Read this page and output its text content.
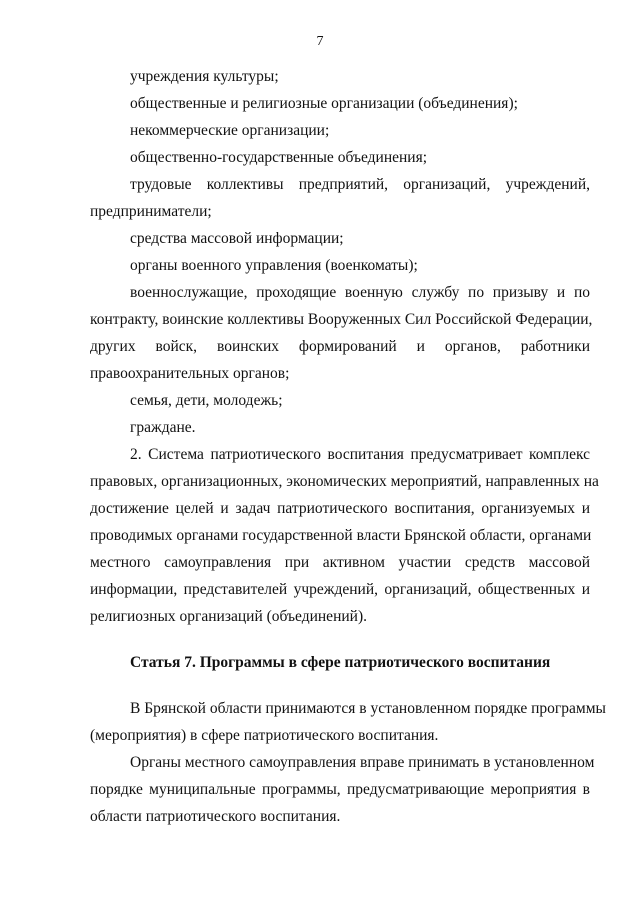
7
учреждения культуры;
общественные и религиозные организации (объединения);
некоммерческие организации;
общественно-государственные объединения;
трудовые коллективы предприятий, организаций, учреждений,
предприниматели;
средства массовой информации;
органы военного управления (военкоматы);
военнослужащие, проходящие военную службу по призыву и по
контракту, воинские коллективы Вооруженных Сил Российской Федерации,
других войск, воинских формирований и органов, работники
правоохранительных органов;
семья, дети, молодежь;
граждане.
2. Система патриотического воспитания предусматривает комплекс
правовых, организационных, экономических мероприятий, направленных на
достижение целей и задач патриотического воспитания, организуемых и
проводимых органами государственной власти Брянской области, органами
местного самоуправления при активном участии средств массовой
информации, представителей учреждений, организаций, общественных и
религиозных организаций (объединений).
Статья 7. Программы в сфере патриотического воспитания
В Брянской области принимаются в установленном порядке программы
(мероприятия) в сфере патриотического воспитания.
Органы местного самоуправления вправе принимать в установленном
порядке муниципальные программы, предусматривающие мероприятия в
области патриотического воспитания.
